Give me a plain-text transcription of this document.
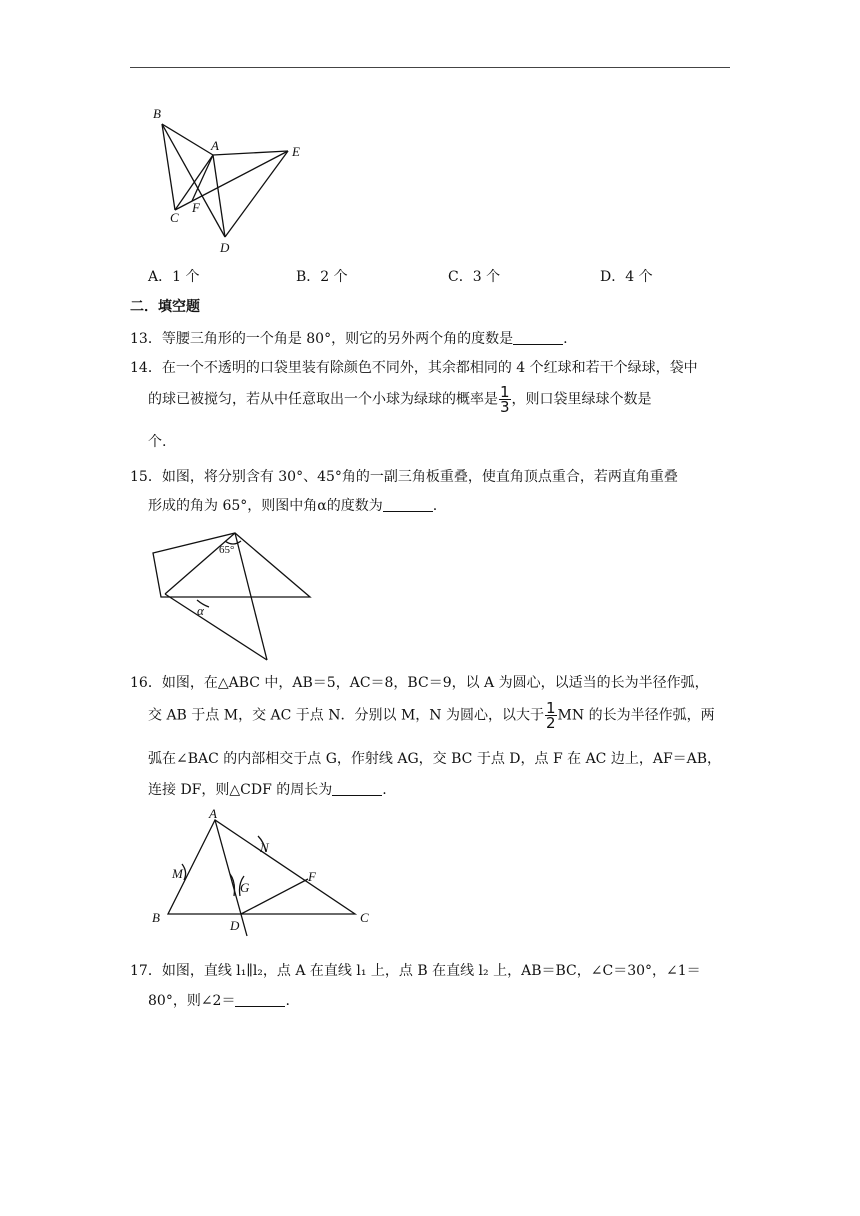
B
A	E
C
F
D
A．1 个	B．2 个	C．3 个	D．4 个
二．填空题
13．等腰三角形的一个角是 80°，则它的另外两个角的度数是	.
14．在一个不透明的口袋里装有除颜色不同外，其余都相同的 4 个红球和若干个绿球，袋中
的球已被搅匀，若从中任意取出一个小球为绿球的概率是 $\frac{1}{3}$ ，则口袋里绿球个数是
个.
15．如图，将分别含有 30°、45°角的一副三角板重叠，使直角顶点重合，若两直角重叠
形成的角为 65°，则图中角α的度数为	.
65°
α
16．如图，在△ABC 中，AB＝5，AC＝8，BC＝9，以 A 为圆心，以适当的长为半径作弧，
交 AB 于点 M，交 AC 于点 N．分别以 M，N 为圆心，以大于 $\frac{1}{2}$ MN 的长为半径作弧，两
弧在∠BAC 的内部相交于点 G，作射线 AG，交 BC 于点 D，点 F 在 AC 边上，AF＝AB，
连接 DF，则△CDF 的周长为	.
A
N
M
G
F
B
D
C
17．如图，直线 l₁∥l₂，点 A 在直线 l₁ 上，点 B 在直线 l₂ 上，AB＝BC，∠C＝30°，∠1＝
80°，则∠2＝	.
